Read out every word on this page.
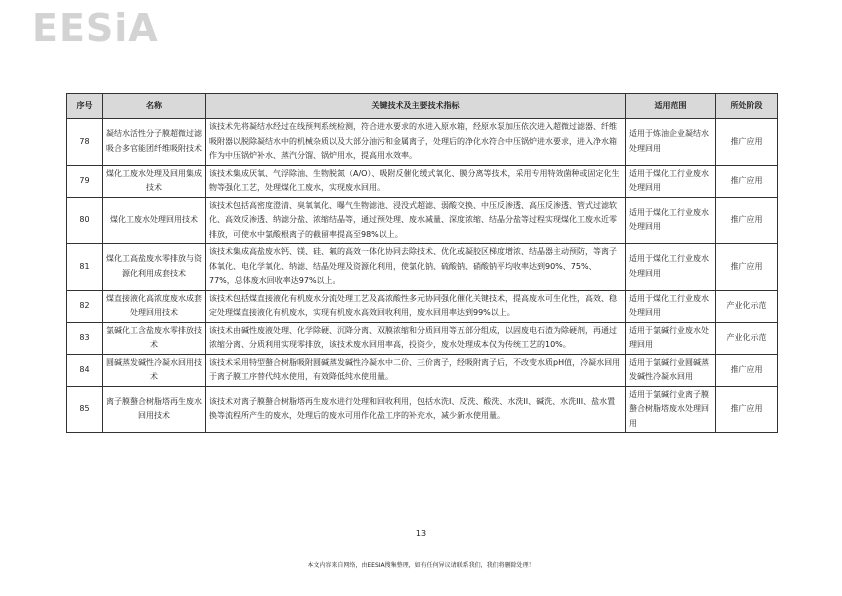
EESiA
序号	名称	关键技术及主要技术指标	适用范围	所处阶段
78	凝结水活性分子膜超微过滤吸合多官能团纤维吸附技术	该技术先将凝结水经过在线预判系统检测，符合进水要求的水进入原水箱，经原水泵加压依次进入超微过滤器、纤维吸附器以脱除凝结水中的机械杂质以及大部分油污和金属离子，处理后的净化水符合中压锅炉进水要求，进入净水箱作为中压锅炉补水、蒸汽分馏、锅炉用水，提高用水效率。	适用于炼油企业凝结水处理回用	推广应用
79	煤化工废水处理及回用集成技术	该技术集成厌氧、气浮除油、生物脱氮（A/O）、吸附反催化缓式氧化、膜分离等技术，采用专用特效菌种或固定化生物等强化工艺，处理煤化工废水，实现废水回用。	适用于煤化工行业废水处理回用	推广应用
80	煤化工废水处理回用技术	该技术包括高密度澄清、臭氧氧化、曝气生物滤池、浸没式超滤、弱酸交换、中压反渗透、高压反渗透、管式过滤软化、高效反渗透、纳滤分盐、浓缩结晶等，通过预处理、废水减量、深度浓缩、结晶分盐等过程实现煤化工废水近零排放，可使水中氯酸根离子的截留率提高至98%以上。	适用于煤化工行业废水处理回用	推广应用
81	煤化工高盐废水零排放与资源化利用成套技术	该技术集成高盐废水钙、镁、硅、氟的高效一体化协同去除技术、优化或凝胶区梯度增浓、结晶器主动预防，等离子体氧化、电化学氧化、纳滤、结晶处理及资源化利用，使氯化钠、硫酸钠、硝酸钠平均收率达到90%、75%、77%，总体废水回收率达97%以上。	适用于煤化工行业废水处理回用	推广应用
82	煤直接液化高浓度废水成套处理回用技术	该技术包括煤直接液化有机废水分流处理工艺及高浓酸性多元协同强化催化关键技术，提高废水可生化性，高效、稳定处理煤直接液化有机废水，实现有机废水高效回收利用，废水回用率达到99%以上。	适用于煤化工行业废水处理回用	产业化示范
83	氯碱化工含盐废水零排放技术	该技术由碱性废液处理、化学除硬、沉降分离、双膜浓缩和分质回用等五部分组成，以固废电石渣为除硬剂，再通过浓缩分离、分质利用实现零排放，该技术废水回用率高，投资少，废水处理成本仅为传统工艺的10%。	适用于氯碱行业废水处理回用	产业化示范
84	圆碱蒸发碱性冷凝水回用技术	该技术采用特型螯合树脂吸附圆碱蒸发碱性冷凝水中二价、三价离子，经吸附离子后，不改变水质pH值，冷凝水回用于离子膜工序替代纯水使用，有效降低纯水使用量。	适用于氯碱行业圆碱蒸发碱性冷凝水回用	推广应用
85	离子膜螯合树脂塔再生废水回用技术	该技术对离子膜螯合树脂塔再生废水进行处理和回收利用，包括水洗I、反洗、酸洗、水洗II、碱洗、水洗III、盐水置换等流程所产生的废水，处理后的废水可用作化盐工序的补充水，减少新水使用量。	适用于氯碱行业离子膜螯合树脂塔废水处理回用	推广应用
13
本文内容来自网络，由EESIA搜集整理，如有任何异议请联系我们，我们将删除处理！
